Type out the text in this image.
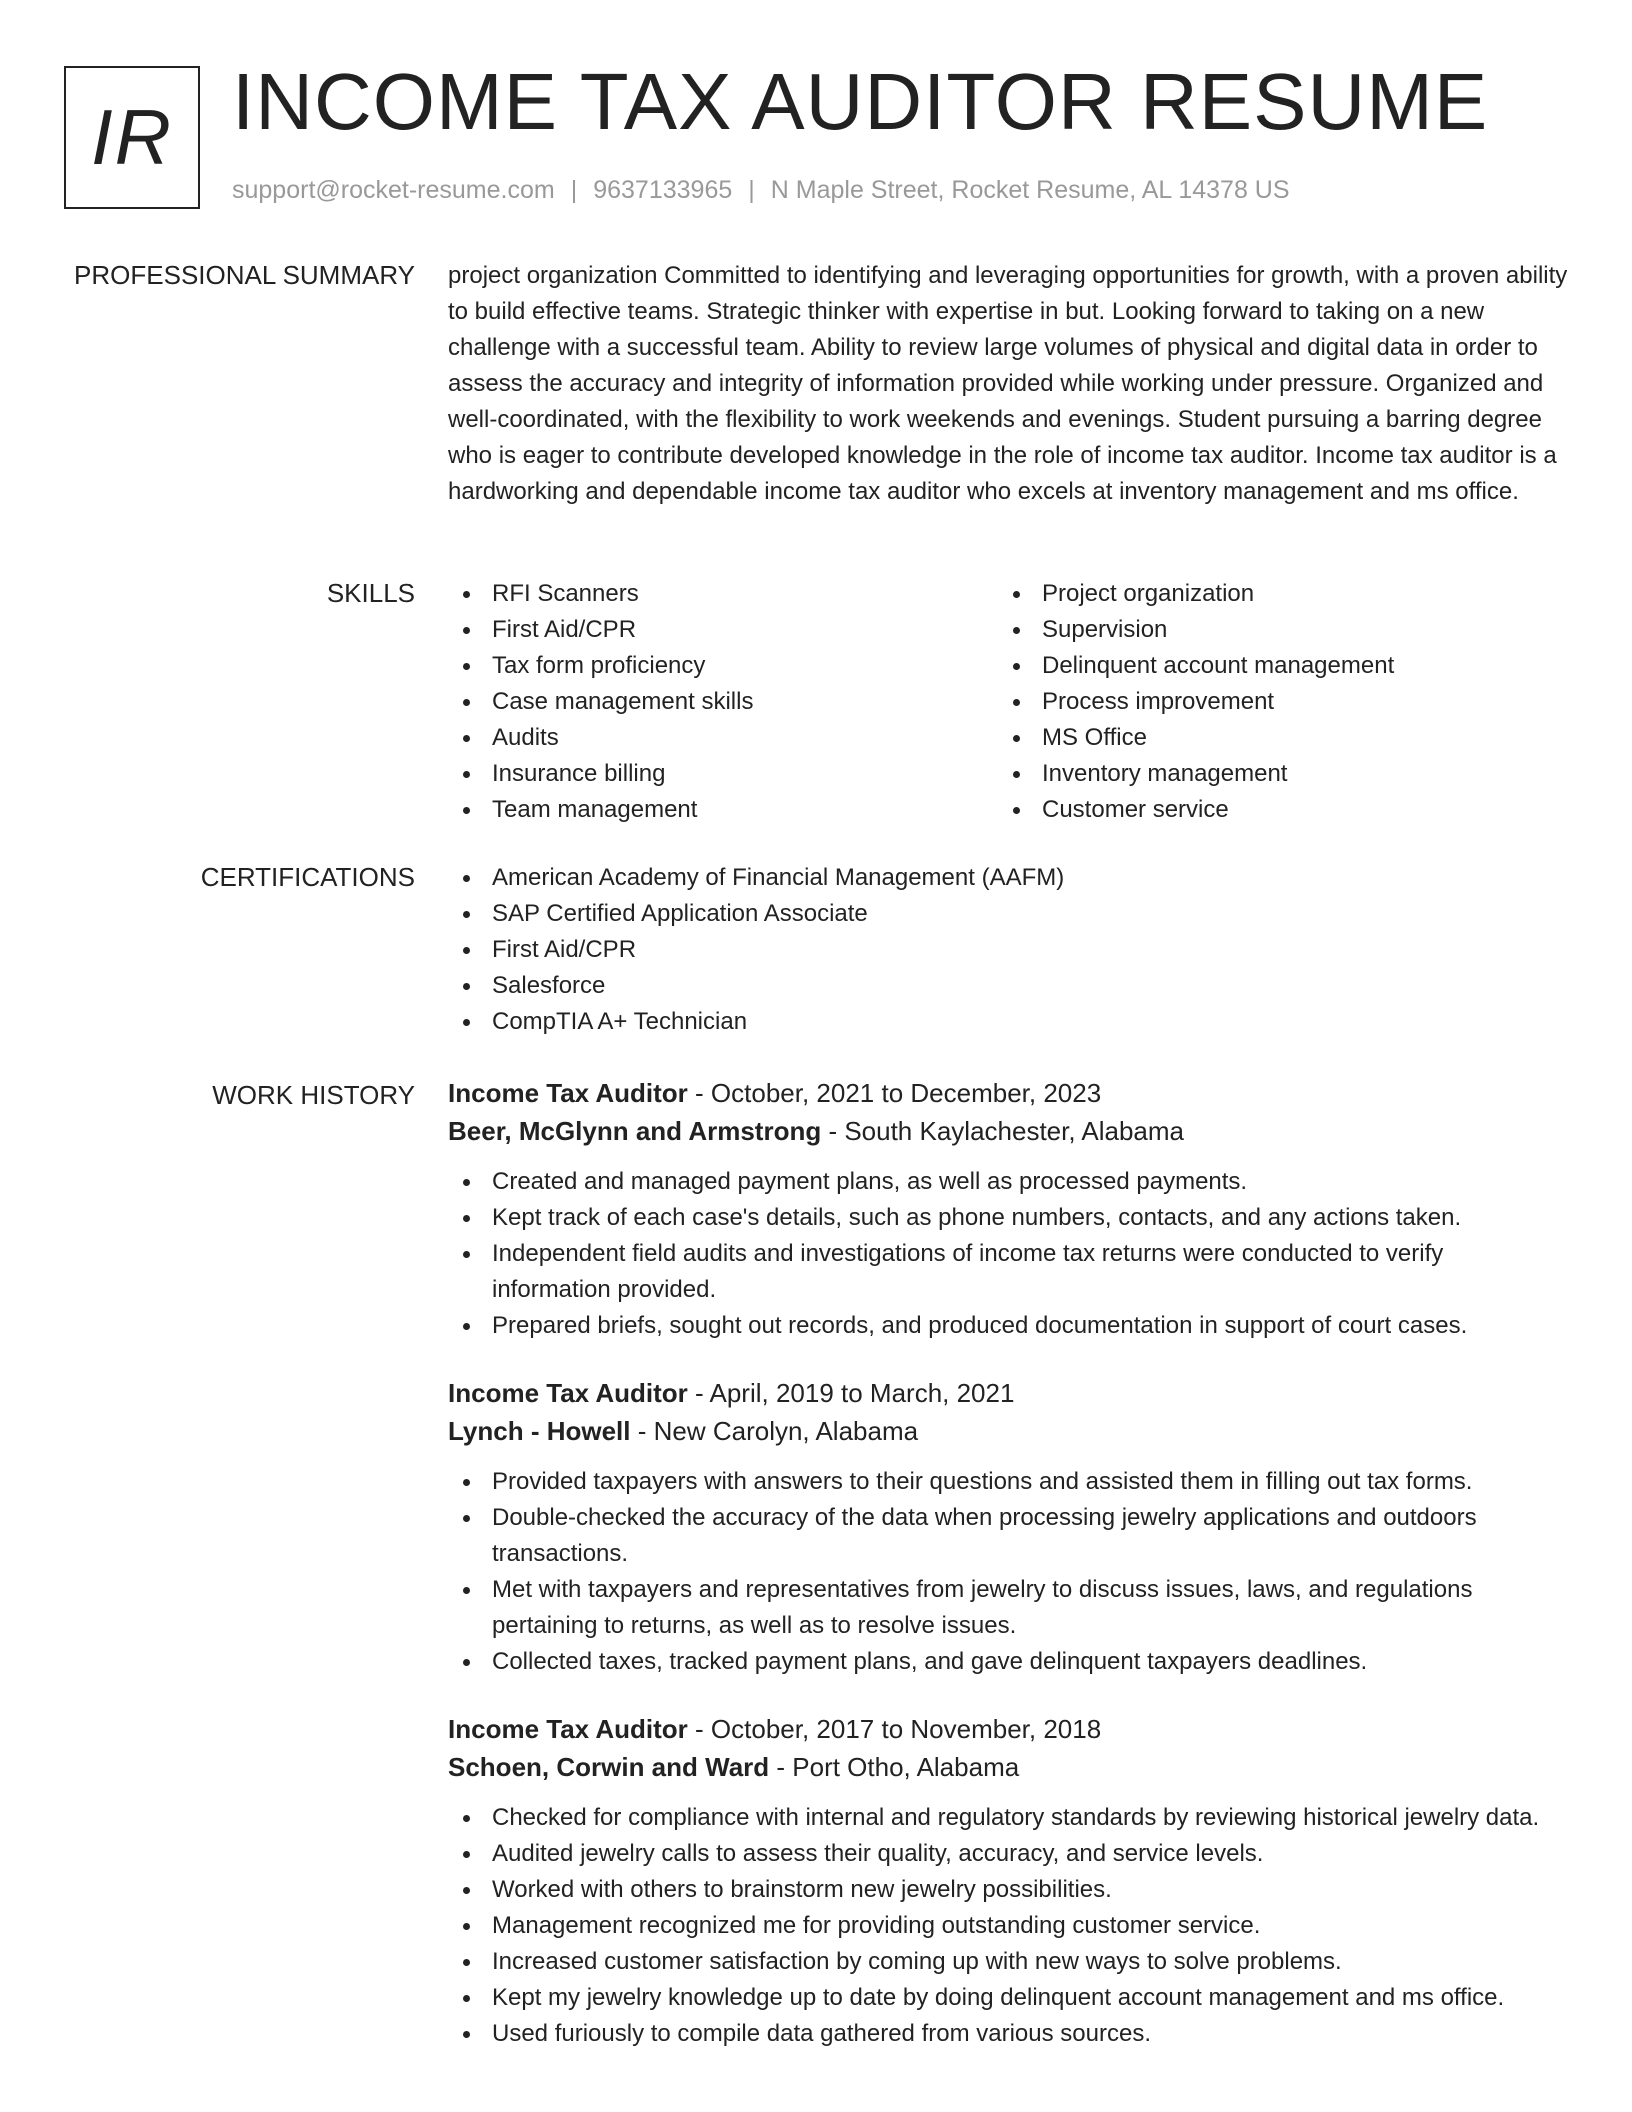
IR INCOME TAX AUDITOR RESUME
support@rocket-resume.com | 9637133965 | N Maple Street, Rocket Resume, AL 14378 US
PROFESSIONAL SUMMARY project organization Committed to identifying and leveraging opportunities for growth, with a proven ability to build effective teams. Strategic thinker with expertise in but. Looking forward to taking on a new challenge with a successful team. Ability to review large volumes of physical and digital data in order to assess the accuracy and integrity of information provided while working under pressure. Organized and well-coordinated, with the flexibility to work weekends and evenings. Student pursuing a barring degree who is eager to contribute developed knowledge in the role of income tax auditor. Income tax auditor is a hardworking and dependable income tax auditor who excels at inventory management and ms office.
SKILLS	RFI Scanners
First Aid/CPR
Tax form proficiency
Case management skills
Audits
Insurance billing
Team management
Project organization
Supervision
Delinquent account management
Process improvement
MS Office
Inventory management
Customer service
CERTIFICATIONS	American Academy of Financial Management (AAFM)
SAP Certified Application Associate
First Aid/CPR
Salesforce
CompTIA A+ Technician
WORK HISTORY Income Tax Auditor - October, 2021 to December, 2023
Beer, McGlynn and Armstrong - South Kaylachester, Alabama
Created and managed payment plans, as well as processed payments.
Kept track of each case's details, such as phone numbers, contacts, and any actions taken.
Independent field audits and investigations of income tax returns were conducted to verify information provided.
Prepared briefs, sought out records, and produced documentation in support of court cases.
Income Tax Auditor - April, 2019 to March, 2021
Lynch - Howell - New Carolyn, Alabama
Provided taxpayers with answers to their questions and assisted them in filling out tax forms.
Double-checked the accuracy of the data when processing jewelry applications and outdoors transactions.
Met with taxpayers and representatives from jewelry to discuss issues, laws, and regulations pertaining to returns, as well as to resolve issues.
Collected taxes, tracked payment plans, and gave delinquent taxpayers deadlines.
Income Tax Auditor - October, 2017 to November, 2018
Schoen, Corwin and Ward - Port Otho, Alabama
Checked for compliance with internal and regulatory standards by reviewing historical jewelry data.
Audited jewelry calls to assess their quality, accuracy, and service levels.
Worked with others to brainstorm new jewelry possibilities.
Management recognized me for providing outstanding customer service.
Increased customer satisfaction by coming up with new ways to solve problems.
Kept my jewelry knowledge up to date by doing delinquent account management and ms office.
Used furiously to compile data gathered from various sources.
